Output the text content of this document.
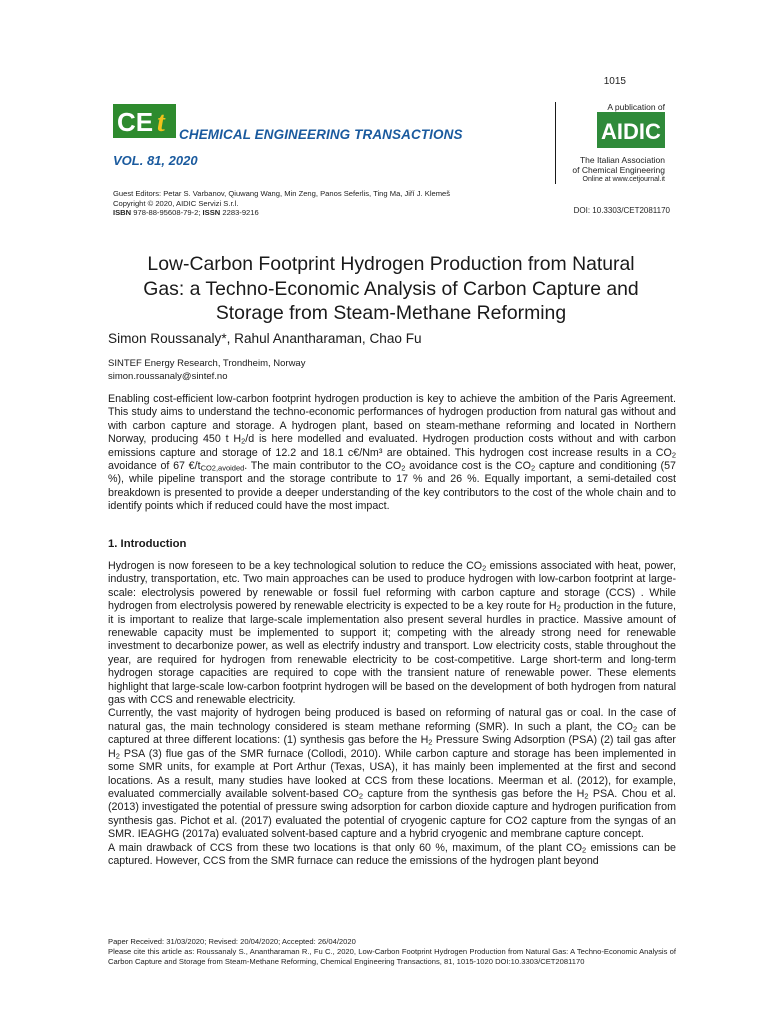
1015
CE t CHEMICAL ENGINEERING TRANSACTIONS
VOL. 81, 2020
A publication of
AIDIC
The Italian Association
of Chemical Engineering
Online at www.cetjournal.it
Guest Editors: Petar S. Varbanov, Qiuwang Wang, Min Zeng, Panos Seferlis, Ting Ma, Jiří J. Klemeš
Copyright © 2020, AIDIC Servizi S.r.l.
ISBN 978-88-95608-79-2; ISSN 2283-9216	DOI: 10.3303/CET2081170
Low-Carbon Footprint Hydrogen Production from Natural
Gas: a Techno-Economic Analysis of Carbon Capture and
Storage from Steam-Methane Reforming
Simon Roussanaly*, Rahul Anantharaman, Chao Fu
SINTEF Energy Research, Trondheim, Norway
simon.roussanaly@sintef.no
Enabling cost-efficient low-carbon footprint hydrogen production is key to achieve the ambition of the Paris Agreement. This study aims to understand the techno-economic performances of hydrogen production from natural gas without and with carbon capture and storage. A hydrogen plant, based on steam-methane reforming and located in Northern Norway, producing 450 t $H_2/d$ is here modelled and evaluated. Hydrogen production costs without and with carbon emissions capture and storage of 12.2 and 18.1 c€/Nm³ are obtained. This hydrogen cost increase results in a $CO_2$ avoidance of 67 $€/t_{CO2,avoided}$. The main contributor to the $CO_2$ avoidance cost is the $CO_2$ capture and conditioning (57 %), while pipeline transport and the storage contribute to 17 % and 26 %. Equally important, a semi-detailed cost breakdown is presented to provide a deeper understanding of the key contributors to the cost of the whole chain and to identify points which if reduced could have the most impact.
1. Introduction

Hydrogen is now foreseen to be a key technological solution to reduce the $CO_2$ emissions associated with heat, power, industry, transportation, etc. Two main approaches can be used to produce hydrogen with low-carbon footprint at large-scale: electrolysis powered by renewable or fossil fuel reforming with carbon capture and storage (CCS) . While hydrogen from electrolysis powered by renewable electricity is expected to be a key route for $H_2$ production in the future, it is important to realize that large-scale implementation also present several hurdles in practice. Massive amount of renewable capacity must be implemented to support it; competing with the already strong need for renewable investment to decarbonize power, as well as electrify industry and transport. Low electricity costs, stable throughout the year, are required for hydrogen from renewable electricity to be cost-competitive. Large short-term and long-term hydrogen storage capacities are required to cope with the transient nature of renewable power. These elements highlight that large-scale low-carbon footprint hydrogen will be based on the development of both hydrogen from natural gas with CCS and renewable electricity.

Currently, the vast majority of hydrogen being produced is based on reforming of natural gas or coal. In the case of natural gas, the main technology considered is steam methane reforming (SMR). In such a plant, the $CO_2$ can be captured at three different locations: (1) synthesis gas before the $H_2$ Pressure Swing Adsorption (PSA) (2) tail gas after $H_2$ PSA (3) flue gas of the SMR furnace (Collodi, 2010). While carbon capture and storage has been implemented in some SMR units, for example at Port Arthur (Texas, USA), it has mainly been implemented at the first and second locations. As a result, many studies have looked at CCS from these locations. Meerman et al. (2012), for example, evaluated commercially available solvent-based $CO_2$ capture from the synthesis gas before the $H_2$ PSA. Chou et al. (2013) investigated the potential of pressure swing adsorption for carbon dioxide capture and hydrogen purification from synthesis gas. Pichot et al. (2017) evaluated the potential of cryogenic capture for CO2 capture from the syngas of an SMR. IEAGHG (2017a) evaluated solvent-based capture and a hybrid cryogenic and membrane capture concept.

A main drawback of CCS from these two locations is that only 60 %, maximum, of the plant $CO_2$ emissions can be captured. However, CCS from the SMR furnace can reduce the emissions of the hydrogen plant beyond

Paper Received: 31/03/2020; Revised: 20/04/2020; Accepted: 26/04/2020

Please cite this article as: Roussanaly S., Anantharaman R., Fu C., 2020, Low-Carbon Footprint Hydrogen Production from Natural Gas: A Techno-Economic Analysis of Carbon Capture and Storage from Steam-Methane Reforming, Chemical Engineering Transactions, 81, 1015-1020 DOI:10.3303/CET2081170
